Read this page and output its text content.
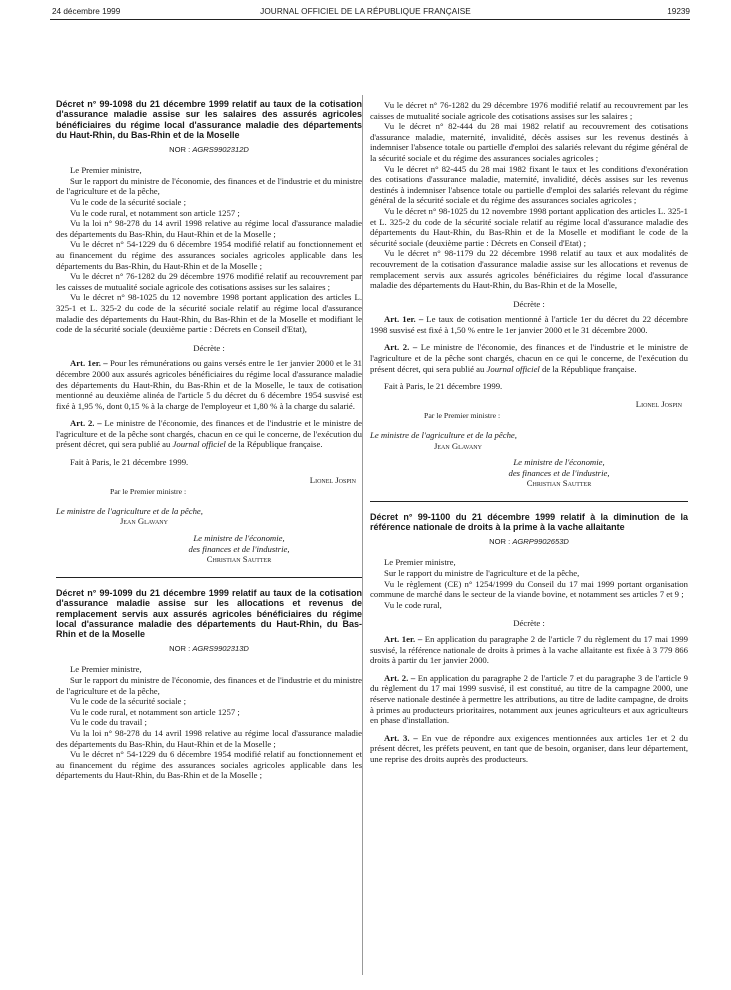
24 décembre 1999	JOURNAL OFFICIEL DE LA RÉPUBLIQUE FRANÇAISE	19239
Décret n° 99-1098 du 21 décembre 1999 relatif au taux de la cotisation d'assurance maladie assise sur les salaires des assurés agricoles bénéficiaires du régime local d'assurance maladie des départements du Haut-Rhin, du Bas-Rhin et de la Moselle
NOR : AGRS9902312D

Le Premier ministre,

Sur le rapport du ministre de l'économie, des finances et de l'industrie et du ministre de l'agriculture et de la pêche,

Vu le code de la sécurité sociale ;

Vu le code rural, et notamment son article 1257 ;

Vu la loi n° 98-278 du 14 avril 1998 relative au régime local d'assurance maladie des départements du Bas-Rhin, du Haut-Rhin et de la Moselle ;

Vu le décret n° 54-1229 du 6 décembre 1954 modifié relatif au fonctionnement et au financement du régime des assurances sociales agricoles applicable dans les départements du Bas-Rhin, du Haut-Rhin et de la Moselle ;

Vu le décret n° 76-1282 du 29 décembre 1976 modifié relatif au recouvrement par les caisses de mutualité sociale agricole des cotisations assises sur les salaires ;

Vu le décret n° 98-1025 du 12 novembre 1998 portant application des articles L. 325-1 et L. 325-2 du code de la sécurité sociale relatif au régime local d'assurance maladie des départements du Haut-Rhin, du Bas-Rhin et de la Moselle et modifiant le code de la sécurité sociale (deuxième partie : Décrets en Conseil d'Etat),

Décrète :

Art. 1er. – Pour les rémunérations ou gains versés entre le 1er janvier 2000 et le 31 décembre 2000 aux assurés agricoles bénéficiaires du régime local d'assurance maladie des départements du Haut-Rhin, du Bas-Rhin et de la Moselle, le taux de cotisation mentionné au deuxième alinéa de l'article 5 du décret du 6 décembre 1954 susvisé est fixé à 1,95 %, dont 0,15 % à la charge de l'employeur et 1,80 % à la charge du salarié.

Art. 2. – Le ministre de l'économie, des finances et de l'industrie et le ministre de l'agriculture et de la pêche sont chargés, chacun en ce qui le concerne, de l'exécution du présent décret, qui sera publié au Journal officiel de la République française.

Fait à Paris, le 21 décembre 1999.

Lionel Jospin

Par le Premier ministre :

Le ministre de l'agriculture et de la pêche,

Jean Glavany

Le ministre de l'économie,
des finances et de l'industrie,
Christian Sautter
Décret n° 99-1099 du 21 décembre 1999 relatif au taux de la cotisation d'assurance maladie assise sur les allocations et revenus de remplacement servis aux assurés agricoles bénéficiaires du régime local d'assurance maladie des départements du Haut-Rhin, du Bas-Rhin et de la Moselle
NOR : AGRS9902313D

Le Premier ministre,

Sur le rapport du ministre de l'économie, des finances et de l'industrie et du ministre de l'agriculture et de la pêche,

Vu le code de la sécurité sociale ;

Vu le code rural, et notamment son article 1257 ;

Vu le code du travail ;

Vu la loi n° 98-278 du 14 avril 1998 relative au régime local d'assurance maladie des départements du Bas-Rhin, du Haut-Rhin et de la Moselle ;

Vu le décret n° 54-1229 du 6 décembre 1954 modifié relatif au fonctionnement et au financement du régime des assurances sociales agricoles applicable dans les départements du Haut-Rhin, du Bas-Rhin et de la Moselle ;

Vu le décret n° 76-1282 du 29 décembre 1976 modifié relatif au recouvrement par les caisses de mutualité sociale agricole des cotisations assises sur les salaires ;

Vu le décret n° 82-444 du 28 mai 1982 relatif au recouvrement des cotisations d'assurance maladie, maternité, invalidité, décès assises sur les revenus destinés à indemniser l'absence totale ou partielle d'emploi des salariés relevant du régime général de la sécurité sociale et du régime des assurances sociales agricoles ;

Vu le décret n° 82-445 du 28 mai 1982 fixant le taux et les conditions d'exonération des cotisations d'assurance maladie, maternité, invalidité, décès assises sur les revenus destinés à indemniser l'absence totale ou partielle d'emploi des salariés relevant du régime général de la sécurité sociale et du régime des assurances sociales agricoles ;

Vu le décret n° 98-1025 du 12 novembre 1998 portant application des articles L. 325-1 et L. 325-2 du code de la sécurité sociale relatif au régime local d'assurance maladie des départements du Haut-Rhin, du Bas-Rhin et de la Moselle et modifiant le code de la sécurité sociale (deuxième partie : Décrets en Conseil d'Etat) ;

Vu le décret n° 98-1179 du 22 décembre 1998 relatif au taux et aux modalités de recouvrement de la cotisation d'assurance maladie assise sur les allocations et revenus de remplacement servis aux assurés agricoles bénéficiaires du régime local d'assurance maladie des départements du Haut-Rhin, du Bas-Rhin et de la Moselle,

Décrète :

Art. 1er. – Le taux de cotisation mentionné à l'article 1er du décret du 22 décembre 1998 susvisé est fixé à 1,50 % entre le 1er janvier 2000 et le 31 décembre 2000.

Art. 2. – Le ministre de l'économie, des finances et de l'industrie et le ministre de l'agriculture et de la pêche sont chargés, chacun en ce qui le concerne, de l'exécution du présent décret, qui sera publié au Journal officiel de la République française.

Fait à Paris, le 21 décembre 1999.

Lionel Jospin

Par le Premier ministre :

Le ministre de l'agriculture et de la pêche,

Jean Glavany

Le ministre de l'économie,
des finances et de l'industrie,
Christian Sautter
Décret n° 99-1100 du 21 décembre 1999 relatif à la diminution de la référence nationale de droits à la prime à la vache allaitante
NOR : AGRP9902653D

Le Premier ministre,

Sur le rapport du ministre de l'agriculture et de la pêche,

Vu le règlement (CE) n° 1254/1999 du Conseil du 17 mai 1999 portant organisation commune de marché dans le secteur de la viande bovine, et notamment ses articles 7 et 9 ;

Vu le code rural,

Décrète :

Art. 1er. – En application du paragraphe 2 de l'article 7 du règlement du 17 mai 1999 susvisé, la référence nationale de droits à primes à la vache allaitante est fixée à 3 779 866 droits à partir du 1er janvier 2000.

Art. 2. – En application du paragraphe 2 de l'article 7 et du paragraphe 3 de l'article 9 du règlement du 17 mai 1999 susvisé, il est constitué, au titre de la campagne 2000, une réserve nationale destinée à permettre les attributions, au titre de ladite campagne, de droits à primes au producteurs prioritaires, notamment aux jeunes agriculteurs et aux agriculteurs en phase d'installation.

Art. 3. – En vue de répondre aux exigences mentionnées aux articles 1er et 2 du présent décret, les préfets peuvent, en tant que de besoin, organiser, dans leur département, une reprise des droits auprès des producteurs.
